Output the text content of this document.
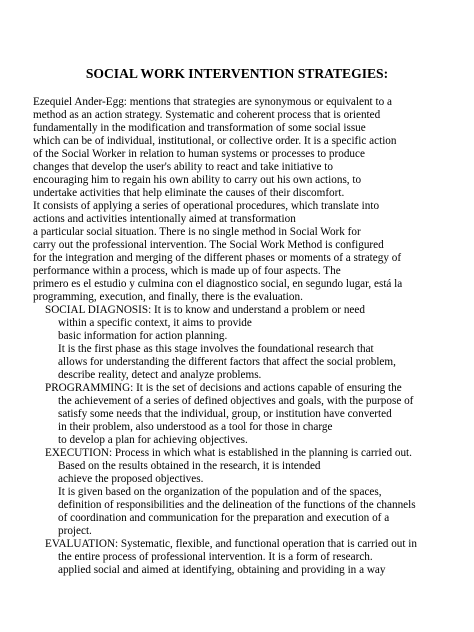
SOCIAL WORK INTERVENTION STRATEGIES:
Ezequiel Ander-Egg: mentions that strategies are synonymous or equivalent to a
method as an action strategy. Systematic and coherent process that is oriented
fundamentally in the modification and transformation of some social issue
which can be of individual, institutional, or collective order. It is a specific action
of the Social Worker in relation to human systems or processes to produce
changes that develop the user's ability to react and take initiative to
encouraging him to regain his own ability to carry out his own actions, to
undertake activities that help eliminate the causes of their discomfort.
It consists of applying a series of operational procedures, which translate into
actions and activities intentionally aimed at transformation
a particular social situation. There is no single method in Social Work for
carry out the professional intervention. The Social Work Method is configured
for the integration and merging of the different phases or moments of a strategy of
performance within a process, which is made up of four aspects. The
primero es el estudio y culmina con el diagnostico social, en segundo lugar, está la
programming, execution, and finally, there is the evaluation.
SOCIAL DIAGNOSIS: It is to know and understand a problem or need
within a specific context, it aims to provide
basic information for action planning.
It is the first phase as this stage involves the foundational research that
allows for understanding the different factors that affect the social problem,
describe reality, detect and analyze problems.
PROGRAMMING: It is the set of decisions and actions capable of ensuring the
the achievement of a series of defined objectives and goals, with the purpose of
satisfy some needs that the individual, group, or institution have converted
in their problem, also understood as a tool for those in charge
to develop a plan for achieving objectives.
EXECUTION: Process in which what is established in the planning is carried out.
Based on the results obtained in the research, it is intended
achieve the proposed objectives.
It is given based on the organization of the population and of the spaces,
definition of responsibilities and the delineation of the functions of the channels
of coordination and communication for the preparation and execution of a
project.
EVALUATION: Systematic, flexible, and functional operation that is carried out in
the entire process of professional intervention. It is a form of research.
applied social and aimed at identifying, obtaining and providing in a way
